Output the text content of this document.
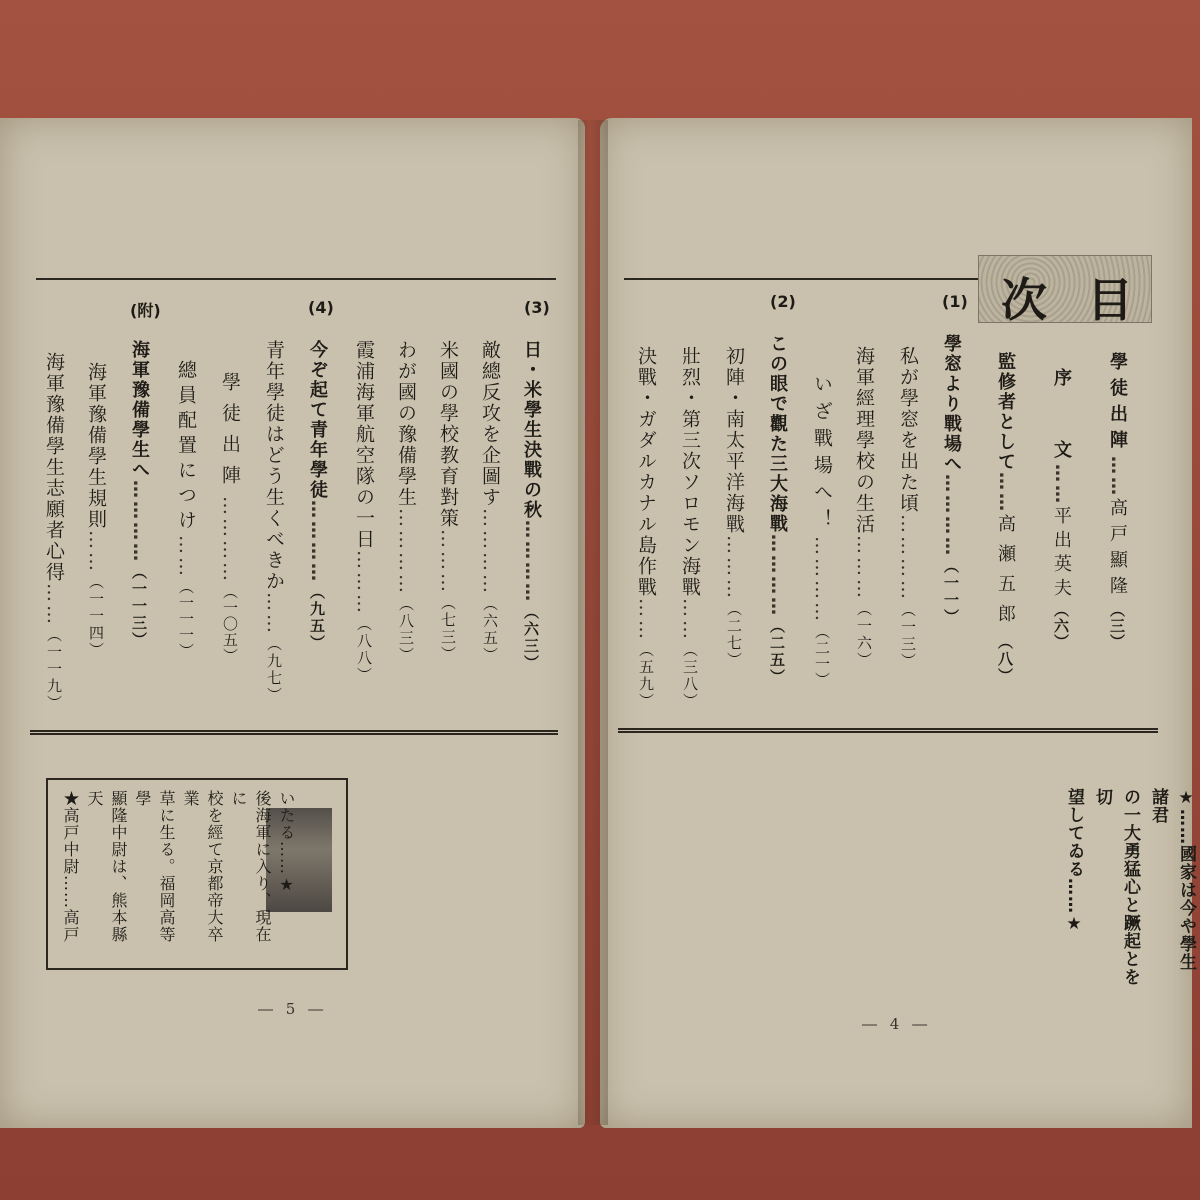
(3)
(4)
(附)
日・米學生決戰の秋…………（六三）
敵總反攻を企圖す…………（六五）
米國の學校教育對策………（七三）
わが國の豫備學生…………（八三）
霞浦海軍航空隊の一日………（八八）
今ぞ起て青年學徒…………（九五）
青年學徒はどう生くべきか……（九七）
學徒出陣…………（一〇五）
總員配置につけ……（一一一）
海軍豫備學生へ…………（一一三）
海軍豫備學生規則……（一一四）
海軍豫備學生志願者心得……（一一九）
いたる……★
後海軍に入り、現在に
校を經て京都帝大卒業
草に生る。福岡高等學
顯隆中尉は、熊本縣天
★高戸中尉……高戸
― 5 ―
目
次
學徒出陣……高戸顯隆（三）
序　　文……平出英夫（六）
監修者として……高瀬五郎（八）
(1)
(2)
學窓より戰場へ…………（一一）
私が學窓を出た頃…………（一三）
海軍經理學校の生活………（一六）
いざ戰場へ！…………（二一）
この眼で觀た三大海戰…………（二五）
初陣・南太平洋海戰………（二七）
壯烈・第三次ソロモン海戰……（三八）
決戰・ガダルカナル島作戰……（五九）
★……國家は今や學生諸君
の一大勇猛心と蹶起とを切
望してゐる……★
― 4 ―
